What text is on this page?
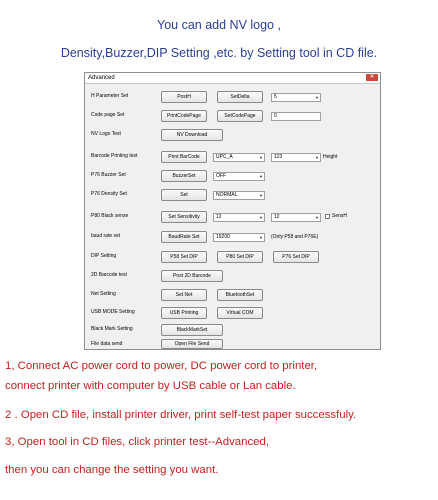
You can add NV logo ,
Density,Buzzer,DIP Setting ,etc. by Setting tool in CD file.
Advanced	✕
H Parameter Set	PostH	SetDelta	5	▼
Code page Set	PrintCodePage	SetCodePage	0
NV Logo Test	NV Download
Barcode Printing test	Print BarCode	UPC_A	▼	123	▼ Height
P76 Buzzer Set	BuzzerSet	OFF	▼
P76 Density Set	Set	NORMAL	▼
P80 Black sense	Set Sensitivity	12	▼	12	▼	SensH
baud rate set	BaudRate Set	19200	▼ (Only P58 and P76E)
DIP Setting	P58 Set DIP	P80 Set DIP	P76 Set DIP
2D Barcode test	Post 2D Barcode
Net Setting	Set Net	BluetoothSet
USB MODE Setting	USB Printing	Virtual COM
Black Mark Setting	BlackMarkSet
File data send	Open File Send
1, Connect AC power cord to power, DC power cord to printer,
connect printer with computer by USB cable or Lan cable.
2 . Open CD file, install printer driver, print self-test paper successfuly.
3, Open tool in CD files, click printer test--Advanced,
then you can change the setting you want.
